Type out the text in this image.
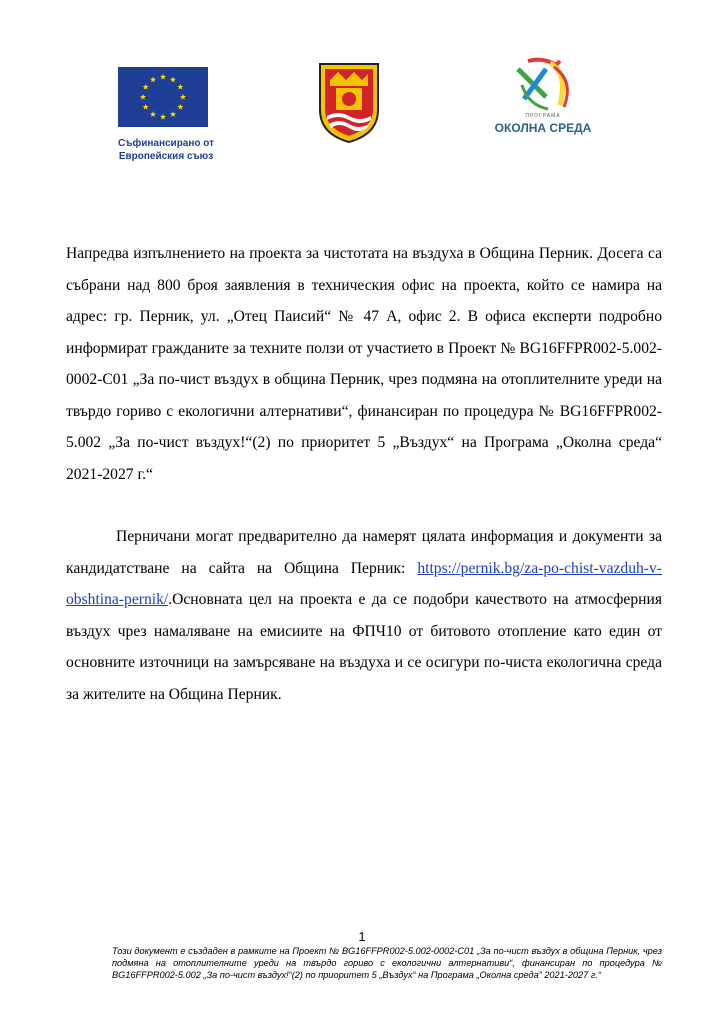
Съфинансирано от
Европейския съюз
ПРОГРАМА
ОКОЛНА СРЕДА

Напредва изпълнението на проекта за чистотата на въздуха в Община Перник. Досега са събрани над 800 броя заявления в техническия офис на проекта, който се намира на адрес: гр. Перник, ул. „Отец Паисий“ № 47 А, офис 2. В офиса експерти подробно информират гражданите за техните ползи от участието в Проект № BG16FFPR002-5.002-0002-C01 „За по-чист въздух в община Перник, чрез подмяна на отоплителните уреди на твърдо гориво с екологични алтернативи“, финансиран по процедура № BG16FFPR002-5.002 „За по-чист въздух!“(2) по приоритет 5 „Въздух“ на Програма „Околна среда“ 2021-2027 г.“

Перничани могат предварително да намерят цялата информация и документи за кандидатстване на сайта на Община Перник: https://pernik.bg/za-po-chist-vazduh-v-obshtina-pernik/.Основната цел на проекта е да се подобри качеството на атмосферния въздух чрез намаляване на емисиите на ФПЧ10 от битовото отопление като един от основните източници на замърсяване на въздуха и се осигури по-чиста екологична среда за жителите на Община Перник.

1
Този документ е създаден в рамките на Проект № BG16FFPR002-5.002-0002-C01 „За по-чист въздух в община Перник, чрез подмяна на отоплителните уреди на твърдо гориво с екологични алтернативи“, финансиран по процедура № BG16FFPR002-5.002 „За по-чист въздух!“(2) по приоритет 5 „Въздух“ на Програма „Околна среда“ 2021-2027 г.“
